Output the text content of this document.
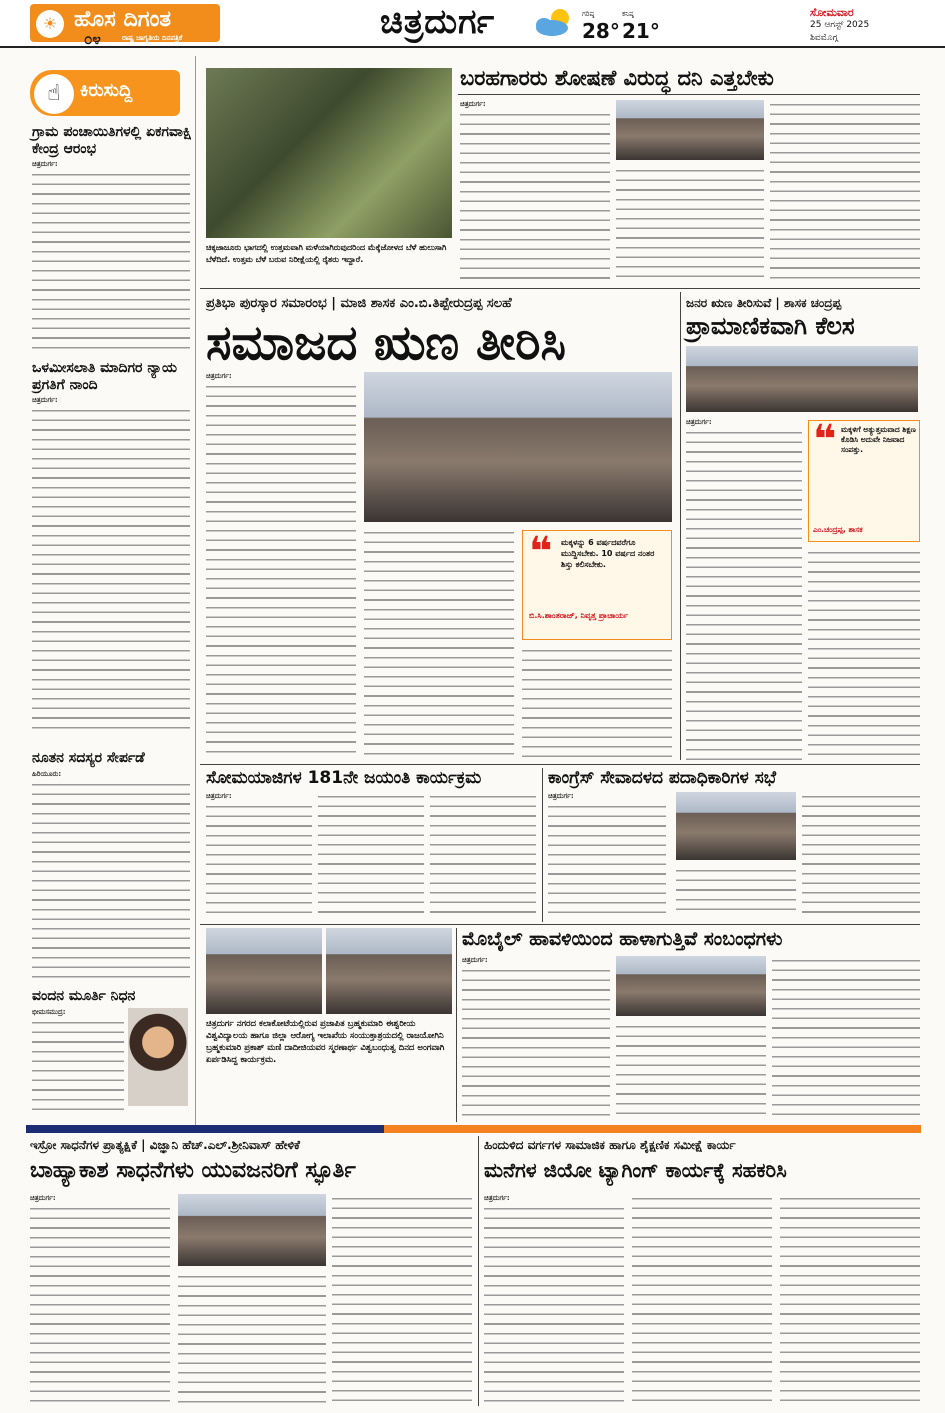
☀ ಹೊಸ ದಿಗಂತ
ರಾಷ್ಟ್ರ ಜಾಗೃತಿಯ ದಿನಪತ್ರಿಕೆ
೦೪	ಚಿತ್ರದುರ್ಗ	ಗರಿಷ್ಠ
28°
ಕನಿಷ್ಠ
21°
ಸೋಮವಾರ
25 ಆಗಸ್ಟ್ 2025
ಶಿವಮೊಗ್ಗ
☝	ಕಿರುಸುದ್ದಿ
ಗ್ರಾಮ ಪಂಚಾಯಿತಿಗಳಲ್ಲಿ ಏಕಗವಾಕ್ಷಿ ಕೇಂದ್ರ ಆರಂಭ
ಚಿತ್ರದುರ್ಗ:
ಒಳಮೀಸಲಾತಿ ಮಾದಿಗರ ನ್ಯಾಯ ಪ್ರಗತಿಗೆ ನಾಂದಿ
ಚಿತ್ರದುರ್ಗ:
ನೂತನ ಸದಸ್ಯರ ಸೇರ್ಪಡೆ
ಹಿರಿಯೂರು:
ವಂದನ ಮೂರ್ತಿ ನಿಧನ
ಭೀಮಸಮುದ್ರ:
ಚಿಕ್ಕಜಾಜೂರು ಭಾಗದಲ್ಲಿ ಉತ್ತಮವಾಗಿ ಮಳೆಯಾಗಿರುವುದರಿಂದ ಮೆಕ್ಕೆಜೋಳದ ಬೆಳೆ ಹುಲುಸಾಗಿ ಬೆಳೆದಿದೆ. ಉತ್ತಮ ಬೆಳೆ ಬರುವ ನಿರೀಕ್ಷೆಯಲ್ಲಿ ರೈತರು ಇದ್ದಾರೆ.
ಬರಹಗಾರರು ಶೋಷಣೆ ವಿರುದ್ಧ ದನಿ ಎತ್ತಬೇಕು
ಚಿತ್ರದುರ್ಗ:
ಪ್ರತಿಭಾ ಪುರಸ್ಕಾರ ಸಮಾರಂಭ | ಮಾಜಿ ಶಾಸಕ ಎಂ.ಬಿ.ತಿಪ್ಪೇರುದ್ರಪ್ಪ ಸಲಹೆ
ಸಮಾಜದ ಋಣ ತೀರಿಸಿ
ಚಿತ್ರದುರ್ಗ:
❝ ಮಕ್ಕಳನ್ನು 6 ವರ್ಷದವರೆಗೂ ಮುದ್ದಿಸಬೇಕು. 10 ವರ್ಷದ ನಂತರ ಶಿಸ್ತು ಕಲಿಸಬೇಕು.
ಬಿ.ಸಿ.ಶಾಂತರಾಜ್, ನಿವೃತ್ತ ಪ್ರಾಚಾರ್ಯ
ಜನರ ಋಣ ತೀರಿಸುವೆ | ಶಾಸಕ ಚಂದ್ರಪ್ಪ
ಪ್ರಾಮಾಣಿಕವಾಗಿ ಕೆಲಸ
ಚಿತ್ರದುರ್ಗ:	❝ ಮಕ್ಕಳಿಗೆ ಅತ್ಯುತ್ತಮವಾದ ಶಿಕ್ಷಣ ಕೊಡಿಸಿ ಅದುವೇ ನಿಜವಾದ ಸಂಪತ್ತು.
ಎಂ.ಚಂದ್ರಪ್ಪ, ಶಾಸಕ
ಸೋಮಯಾಜಿಗಳ 181ನೇ ಜಯಂತಿ ಕಾರ್ಯಕ್ರಮ
ಚಿತ್ರದುರ್ಗ:
ಕಾಂಗ್ರೆಸ್ ಸೇವಾದಳದ ಪದಾಧಿಕಾರಿಗಳ ಸಭೆ
ಚಿತ್ರದುರ್ಗ:
ಚಿತ್ರದುರ್ಗ ನಗರದ ಕಲಾಕೋಟೆಯಲ್ಲಿರುವ ಪ್ರಜಾಪಿತ ಬ್ರಹ್ಮಕುಮಾರಿ ಈಶ್ವರೀಯ ವಿಶ್ವವಿದ್ಯಾಲಯ ಹಾಗೂ ಜಿಲ್ಲಾ ಆರೋಗ್ಯ ಇಲಾಖೆಯ ಸಂಯುಕ್ತಾಶ್ರಯದಲ್ಲಿ ರಾಜಯೋಗಿನಿ ಬ್ರಹ್ಮಕುಮಾರಿ ಪ್ರಕಾಶ್ ಮಣಿ ದಾದೀಜಿಯವರ ಸ್ಮರಣಾರ್ಥ ವಿಶ್ವಬಂಧುತ್ವ ದಿನದ ಅಂಗವಾಗಿ ಏರ್ಪಡಿಸಿದ್ದ ಕಾರ್ಯಕ್ರಮ.
ಮೊಬೈಲ್ ಹಾವಳಿಯಿಂದ ಹಾಳಾಗುತ್ತಿವೆ ಸಂಬಂಧಗಳು
ಚಿತ್ರದುರ್ಗ:
ಇಸ್ರೋ ಸಾಧನೆಗಳ ಪ್ರಾತ್ಯಕ್ಷಿಕೆ | ವಿಜ್ಞಾನಿ ಹೆಚ್.ಎಲ್.ಶ್ರೀನಿವಾಸ್ ಹೇಳಿಕೆ
ಬಾಹ್ಯಾಕಾಶ ಸಾಧನೆಗಳು ಯುವಜನರಿಗೆ ಸ್ಫೂರ್ತಿ
ಚಿತ್ರದುರ್ಗ:
ಹಿಂದುಳಿದ ವರ್ಗಗಳ ಸಾಮಾಜಿಕ ಹಾಗೂ ಶೈಕ್ಷಣಿಕ ಸಮೀಕ್ಷೆ ಕಾರ್ಯ
ಮನೆಗಳ ಜಿಯೋ ಟ್ಯಾಗಿಂಗ್ ಕಾರ್ಯಕ್ಕೆ ಸಹಕರಿಸಿ
ಚಿತ್ರದುರ್ಗ:
